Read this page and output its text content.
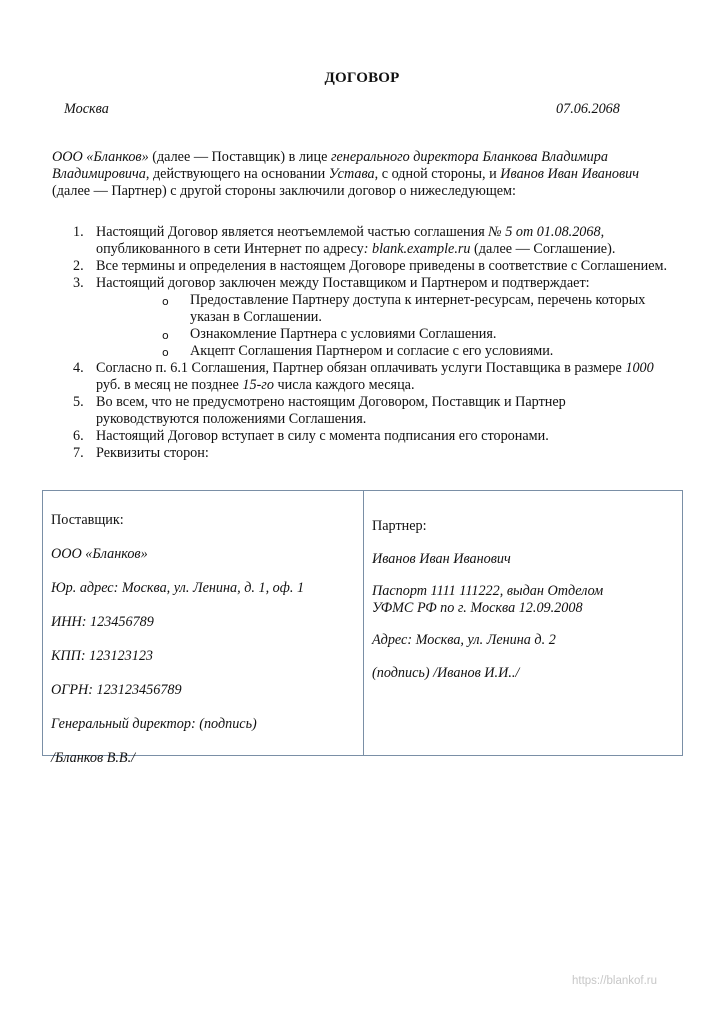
ДОГОВОР
Москва	07.06.2068
ООО «Бланков» (далее — Поставщик) в лице генерального директора Бланкова Владимира Владимировича, действующего на основании Устава, с одной стороны, и Иванов Иван Иванович (далее — Партнер) с другой стороны заключили договор о нижеследующем:
1. Настоящий Договор является неотъемлемой частью соглашения № 5 от 01.08.2068, опубликованного в сети Интернет по адресу: blank.example.ru (далее — Соглашение).
2. Все термины и определения в настоящем Договоре приведены в соответствие с Соглашением.
3. Настоящий договор заключен между Поставщиком и Партнером и подтверждает:
o Предоставление Партнеру доступа к интернет-ресурсам, перечень которых указан в Соглашении.
o Ознакомление Партнера с условиями Соглашения.
o Акцепт Соглашения Партнером и согласие с его условиями.
4. Согласно п. 6.1 Соглашения, Партнер обязан оплачивать услуги Поставщика в размере 1000 руб. в месяц не позднее 15-го числа каждого месяца.
5. Во всем, что не предусмотрено настоящим Договором, Поставщик и Партнер руководствуются положениями Соглашения.
6. Настоящий Договор вступает в силу с момента подписания его сторонами.
7. Реквизиты сторон:

Поставщик:

ООО «Бланков»

Юр. адрес: Москва, ул. Ленина, д. 1, оф. 1

ИНН: 123456789

КПП: 123123123

ОГРН: 123123456789

Генеральный директор: (подпись)

/Бланков В.В./

Партнер:

Иванов Иван Иванович

Паспорт 1111 111222, выдан Отделом УФМС РФ по г. Москва 12.09.2008

Адрес: Москва, ул. Ленина д. 2

(подпись) /Иванов И.И../

https://blankof.ru
